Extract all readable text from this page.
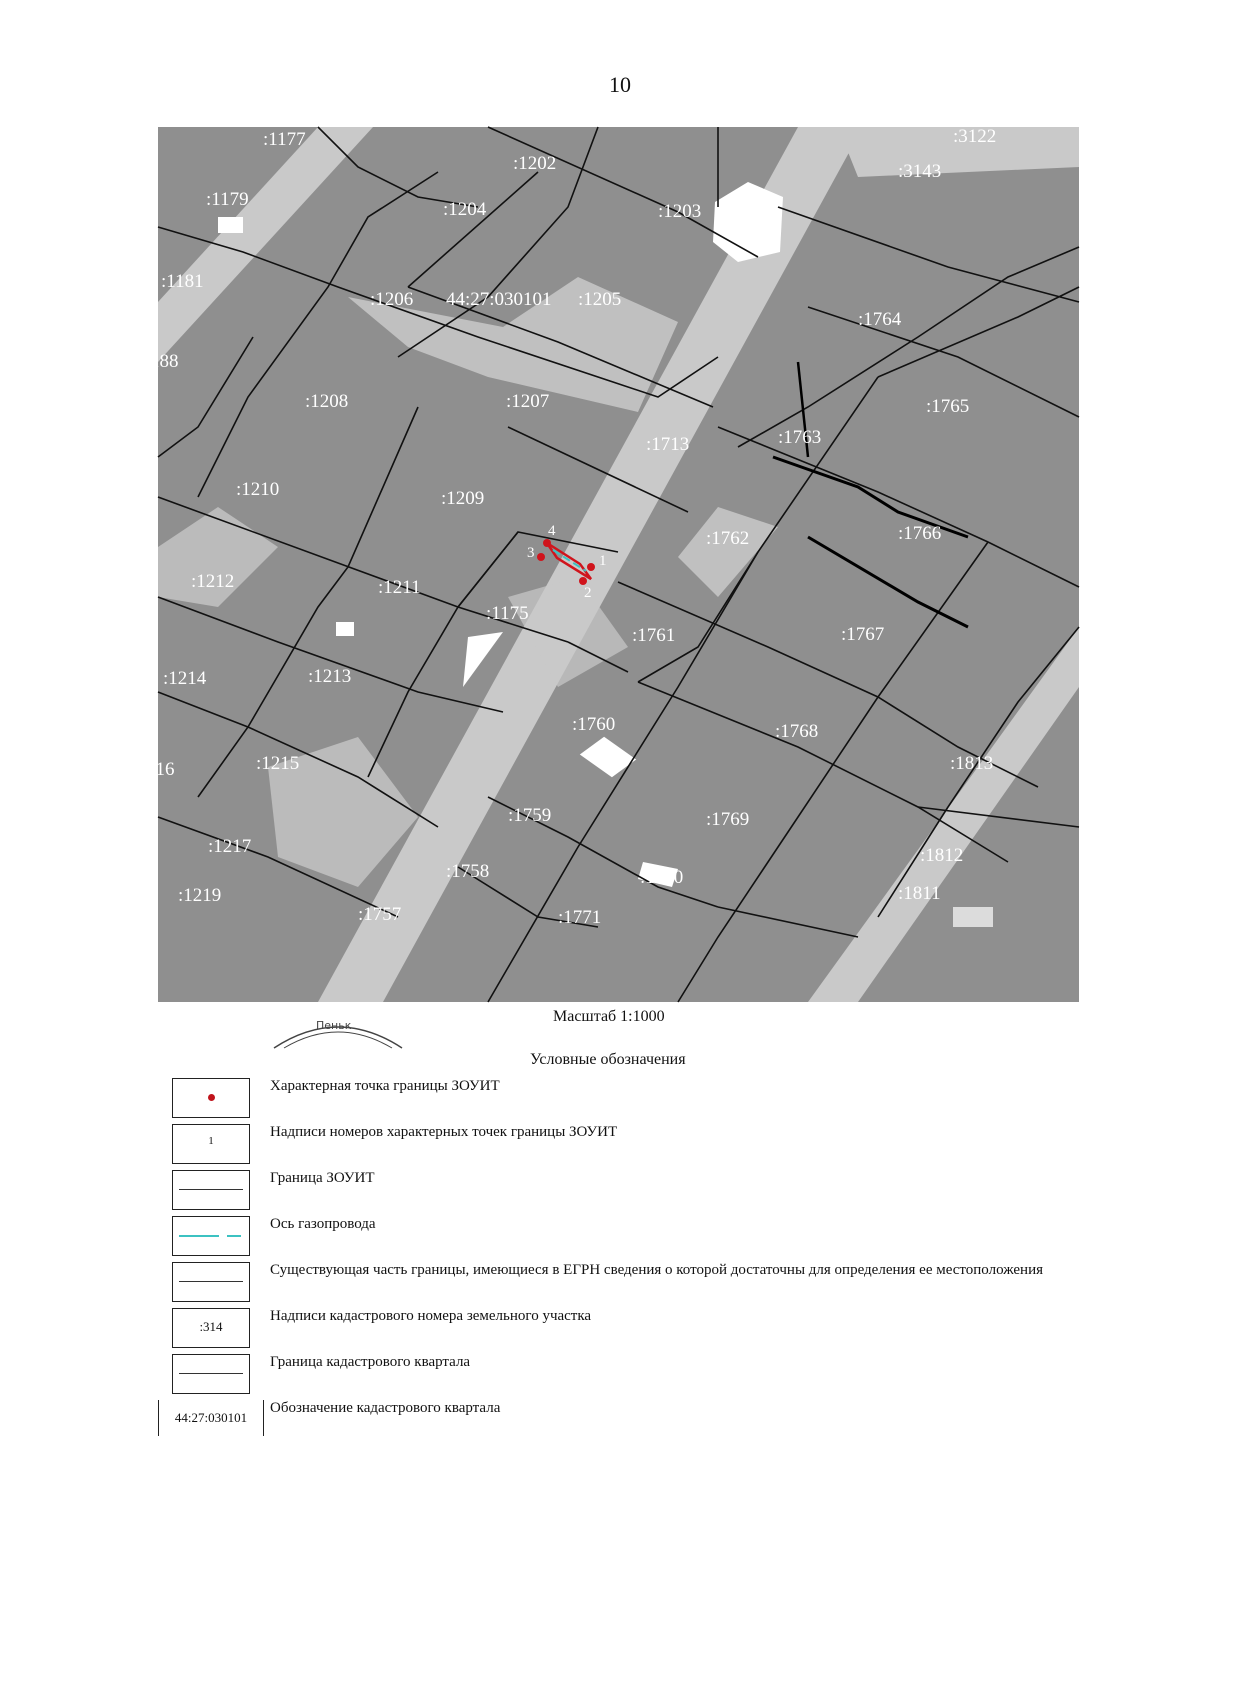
10
:1177
:1202
:3122
:3143
:1179	:1204	:1203
:1181
:1206	:1205
:1764
188
:1208	:1207	:1765
:1713	:1763
:1210	:1209
:1762	:1766
:1212	:1211
:1175
:1761	:1767
:1214	:1213
:1760	:1768
216	:1215	:1813
:1759	:1769
:1217	:1812
:1758	:1770
:1219	:1811
:1757	:1771
44:27:030101
4
3	1
2
Пеньк
Масштаб 1:1000
Условные обозначения
Характерная точка границы ЗОУИТ
1
Надписи номеров характерных точек границы ЗОУИТ
Граница ЗОУИТ
Ось газопровода
Существующая часть границы, имеющиеся в ЕГРН сведения о которой достаточны для определения ее местоположения
:314
Надписи кадастрового номера земельного участка
Граница кадастрового квартала
44:27:030101
Обозначение кадастрового квартала
